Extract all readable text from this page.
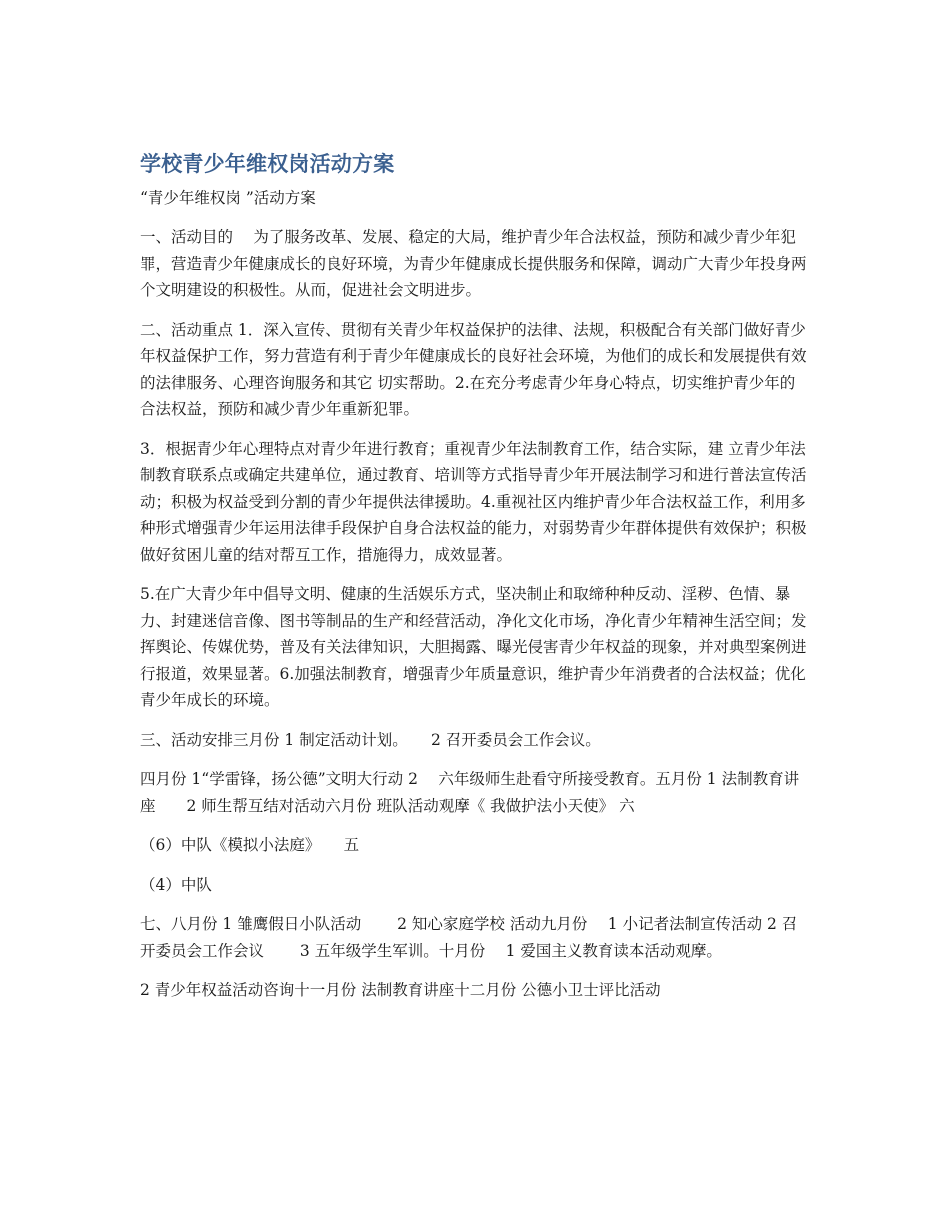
学校青少年维权岗活动方案

“青少年维权岗 ”活动方案

一、活动目的　 为了服务改革、发展、稳定的大局，维护青少年合法权益，预防和减少青少年犯罪，营造青少年健康成长的良好环境，为青少年健康成长提供服务和保障，调动广大青少年投身两个文明建设的积极性。从而，促进社会文明进步。

二、活动重点 1．深入宣传、贯彻有关青少年权益保护的法律、法规，积极配合有关部门做好青少年权益保护工作，努力营造有利于青少年健康成长的良好社会环境，为他们的成长和发展提供有效的法律服务、心理咨询服务和其它 切实帮助。2.在充分考虑青少年身心特点，切实维护青少年的合法权益，预防和减少青少年重新犯罪。

3．根据青少年心理特点对青少年进行教育；重视青少年法制教育工作，结合实际，建 立青少年法制教育联系点或确定共建单位，通过教育、培训等方式指导青少年开展法制学习和进行普法宣传活动；积极为权益受到分割的青少年提供法律援助。4.重视社区内维护青少年合法权益工作，利用多种形式增强青少年运用法律手段保护自身合法权益的能力，对弱势青少年群体提供有效保护；积极做好贫困儿童的结对帮互工作，措施得力，成效显著。

5.在广大青少年中倡导文明、健康的生活娱乐方式，坚决制止和取缔种种反动、淫秽、色情、暴力、封建迷信音像、图书等制品的生产和经营活动，净化文化市场，净化青少年精神生活空间；发挥舆论、传媒优势，普及有关法律知识，大胆揭露、曝光侵害青少年权益的现象，并对典型案例进行报道，效果显著。6.加强法制教育，增强青少年质量意识，维护青少年消费者的合法权益；优化青少年成长的环境。

三、活动安排三月份 1 制定活动计划。　　2 召开委员会工作会议。

四月份 1“学雷锋，扬公德”文明大行动 2　 六年级师生赴看守所接受教育。五月份 1 法制教育讲座　　2 师生帮互结对活动六月份 班队活动观摩《 我做护法小天使》 六

（6）中队《模拟小法庭》　　五

（4）中队

七、八月份 1 雏鹰假日小队活动　　 2 知心家庭学校 活动九月份　 1 小记者法制宣传活动 2 召开委员会工作会议　　 3 五年级学生军训。十月份　 1 爱国主义教育读本活动观摩。

2 青少年权益活动咨询十一月份 法制教育讲座十二月份 公德小卫士评比活动
